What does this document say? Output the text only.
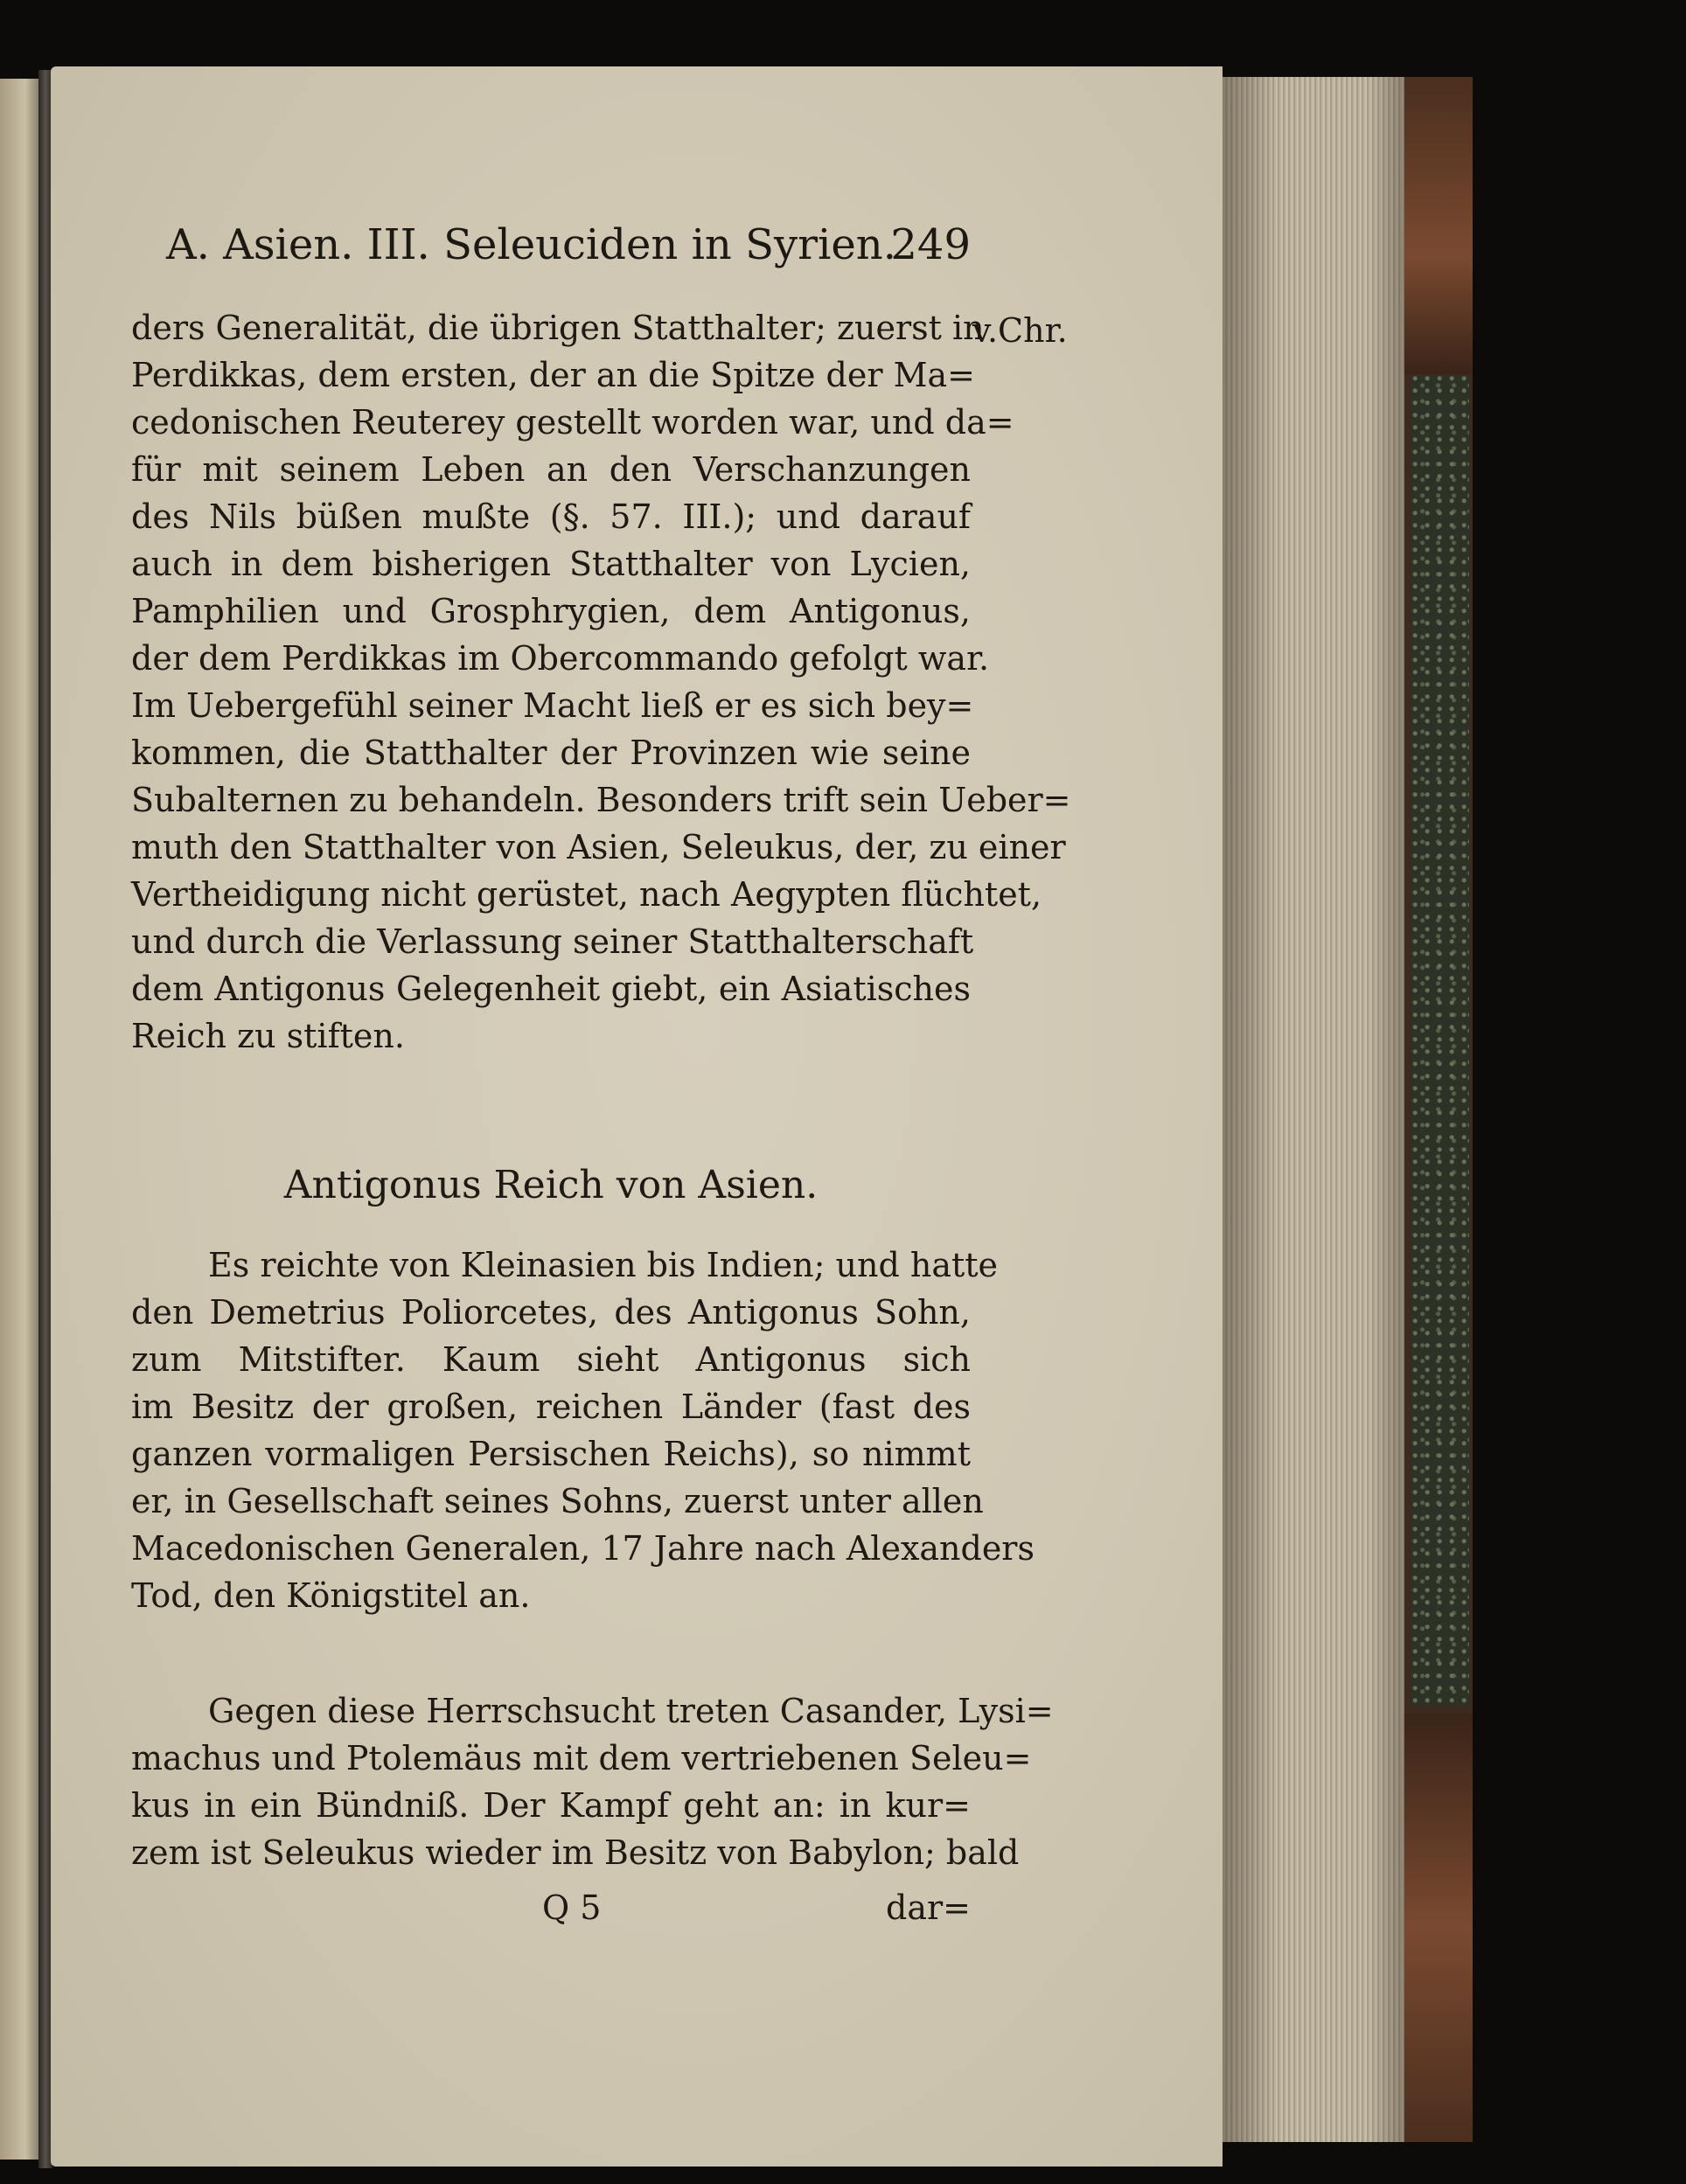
A. Asien. III. Seleuciden in Syrien.
249
v.Chr.
ders Generalität, die übrigen Statthalter; zuerst in
Perdikkas, dem ersten, der an die Spitze der Ma=
cedonischen Reuterey gestellt worden war, und da=
für mit seinem Leben an den Verschanzungen
des Nils büßen mußte (§. 57. III.); und darauf
auch in dem bisherigen Statthalter von Lycien,
Pamphilien und Grosphrygien, dem Antigonus,
der dem Perdikkas im Obercommando gefolgt war.
Im Uebergefühl seiner Macht ließ er es sich bey=
kommen, die Statthalter der Provinzen wie seine
Subalternen zu behandeln. Besonders trift sein Ueber=
muth den Statthalter von Asien, Seleukus, der, zu einer
Vertheidigung nicht gerüstet, nach Aegypten flüchtet,
und durch die Verlassung seiner Statthalterschaft
dem Antigonus Gelegenheit giebt, ein Asiatisches
Reich zu stiften.
Antigonus Reich von Asien.
Es reichte von Kleinasien bis Indien; und hatte
den Demetrius Poliorcetes, des Antigonus Sohn,
zum Mitstifter. Kaum sieht Antigonus sich
im Besitz der großen, reichen Länder (fast des
ganzen vormaligen Persischen Reichs), so nimmt
er, in Gesellschaft seines Sohns, zuerst unter allen
Macedonischen Generalen, 17 Jahre nach Alexanders
Tod, den Königstitel an.
Gegen diese Herrschsucht treten Casander, Lysi=
machus und Ptolemäus mit dem vertriebenen Seleu=
kus in ein Bündniß. Der Kampf geht an: in kur=
zem ist Seleukus wieder im Besitz von Babylon; bald
Q 5	dar=
